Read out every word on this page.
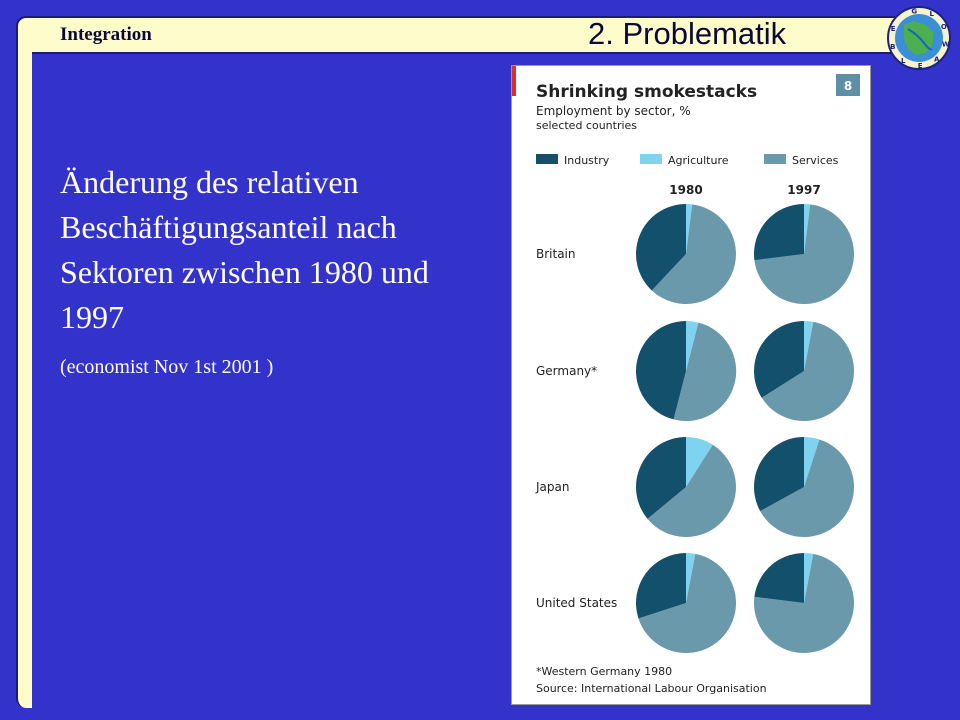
Integration	2. Problematik
G LO W A ELBE
Änderung des relativen Beschäftigungsanteil nach Sektoren zwischen 1980 und 1997
(economist Nov 1st 2001 )
Shrinking smokestacks
Employment by sector, %
selected countries
8
Industry	Agriculture	Services
1980	1997
Britain
Germany*
Japan
United States
*Western Germany 1980
Source: International Labour Organisation
